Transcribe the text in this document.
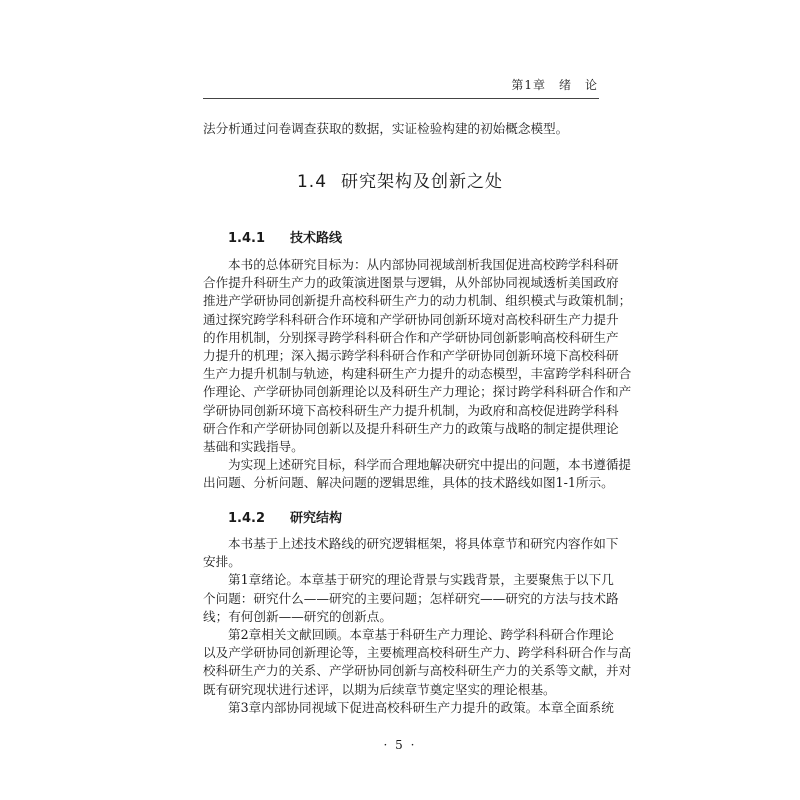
第1章　绪　论
法分析通过问卷调查获取的数据，实证检验构建的初始概念模型。
1.4 研究架构及创新之处
1.4.1 技术路线
本书的总体研究目标为：从内部协同视域剖析我国促进高校跨学科科研
合作提升科研生产力的政策演进图景与逻辑，从外部协同视域透析美国政府
推进产学研协同创新提升高校科研生产力的动力机制、组织模式与政策机制；
通过探究跨学科科研合作环境和产学研协同创新环境对高校科研生产力提升
的作用机制，分别探寻跨学科科研合作和产学研协同创新影响高校科研生产
力提升的机理；深入揭示跨学科科研合作和产学研协同创新环境下高校科研
生产力提升机制与轨迹，构建科研生产力提升的动态模型，丰富跨学科科研合
作理论、产学研协同创新理论以及科研生产力理论；探讨跨学科科研合作和产
学研协同创新环境下高校科研生产力提升机制，为政府和高校促进跨学科科
研合作和产学研协同创新以及提升科研生产力的政策与战略的制定提供理论
基础和实践指导。
为实现上述研究目标，科学而合理地解决研究中提出的问题，本书遵循提
出问题、分析问题、解决问题的逻辑思维，具体的技术路线如图1-1所示。
1.4.2 研究结构
本书基于上述技术路线的研究逻辑框架，将具体章节和研究内容作如下
安排。
第1章绪论。本章基于研究的理论背景与实践背景，主要聚焦于以下几
个问题：研究什么——研究的主要问题；怎样研究——研究的方法与技术路
线；有何创新——研究的创新点。
第2章相关文献回顾。本章基于科研生产力理论、跨学科科研合作理论
以及产学研协同创新理论等，主要梳理高校科研生产力、跨学科科研合作与高
校科研生产力的关系、产学研协同创新与高校科研生产力的关系等文献，并对
既有研究现状进行述评，以期为后续章节奠定坚实的理论根基。
第3章内部协同视域下促进高校科研生产力提升的政策。本章全面系统
· 5 ·
